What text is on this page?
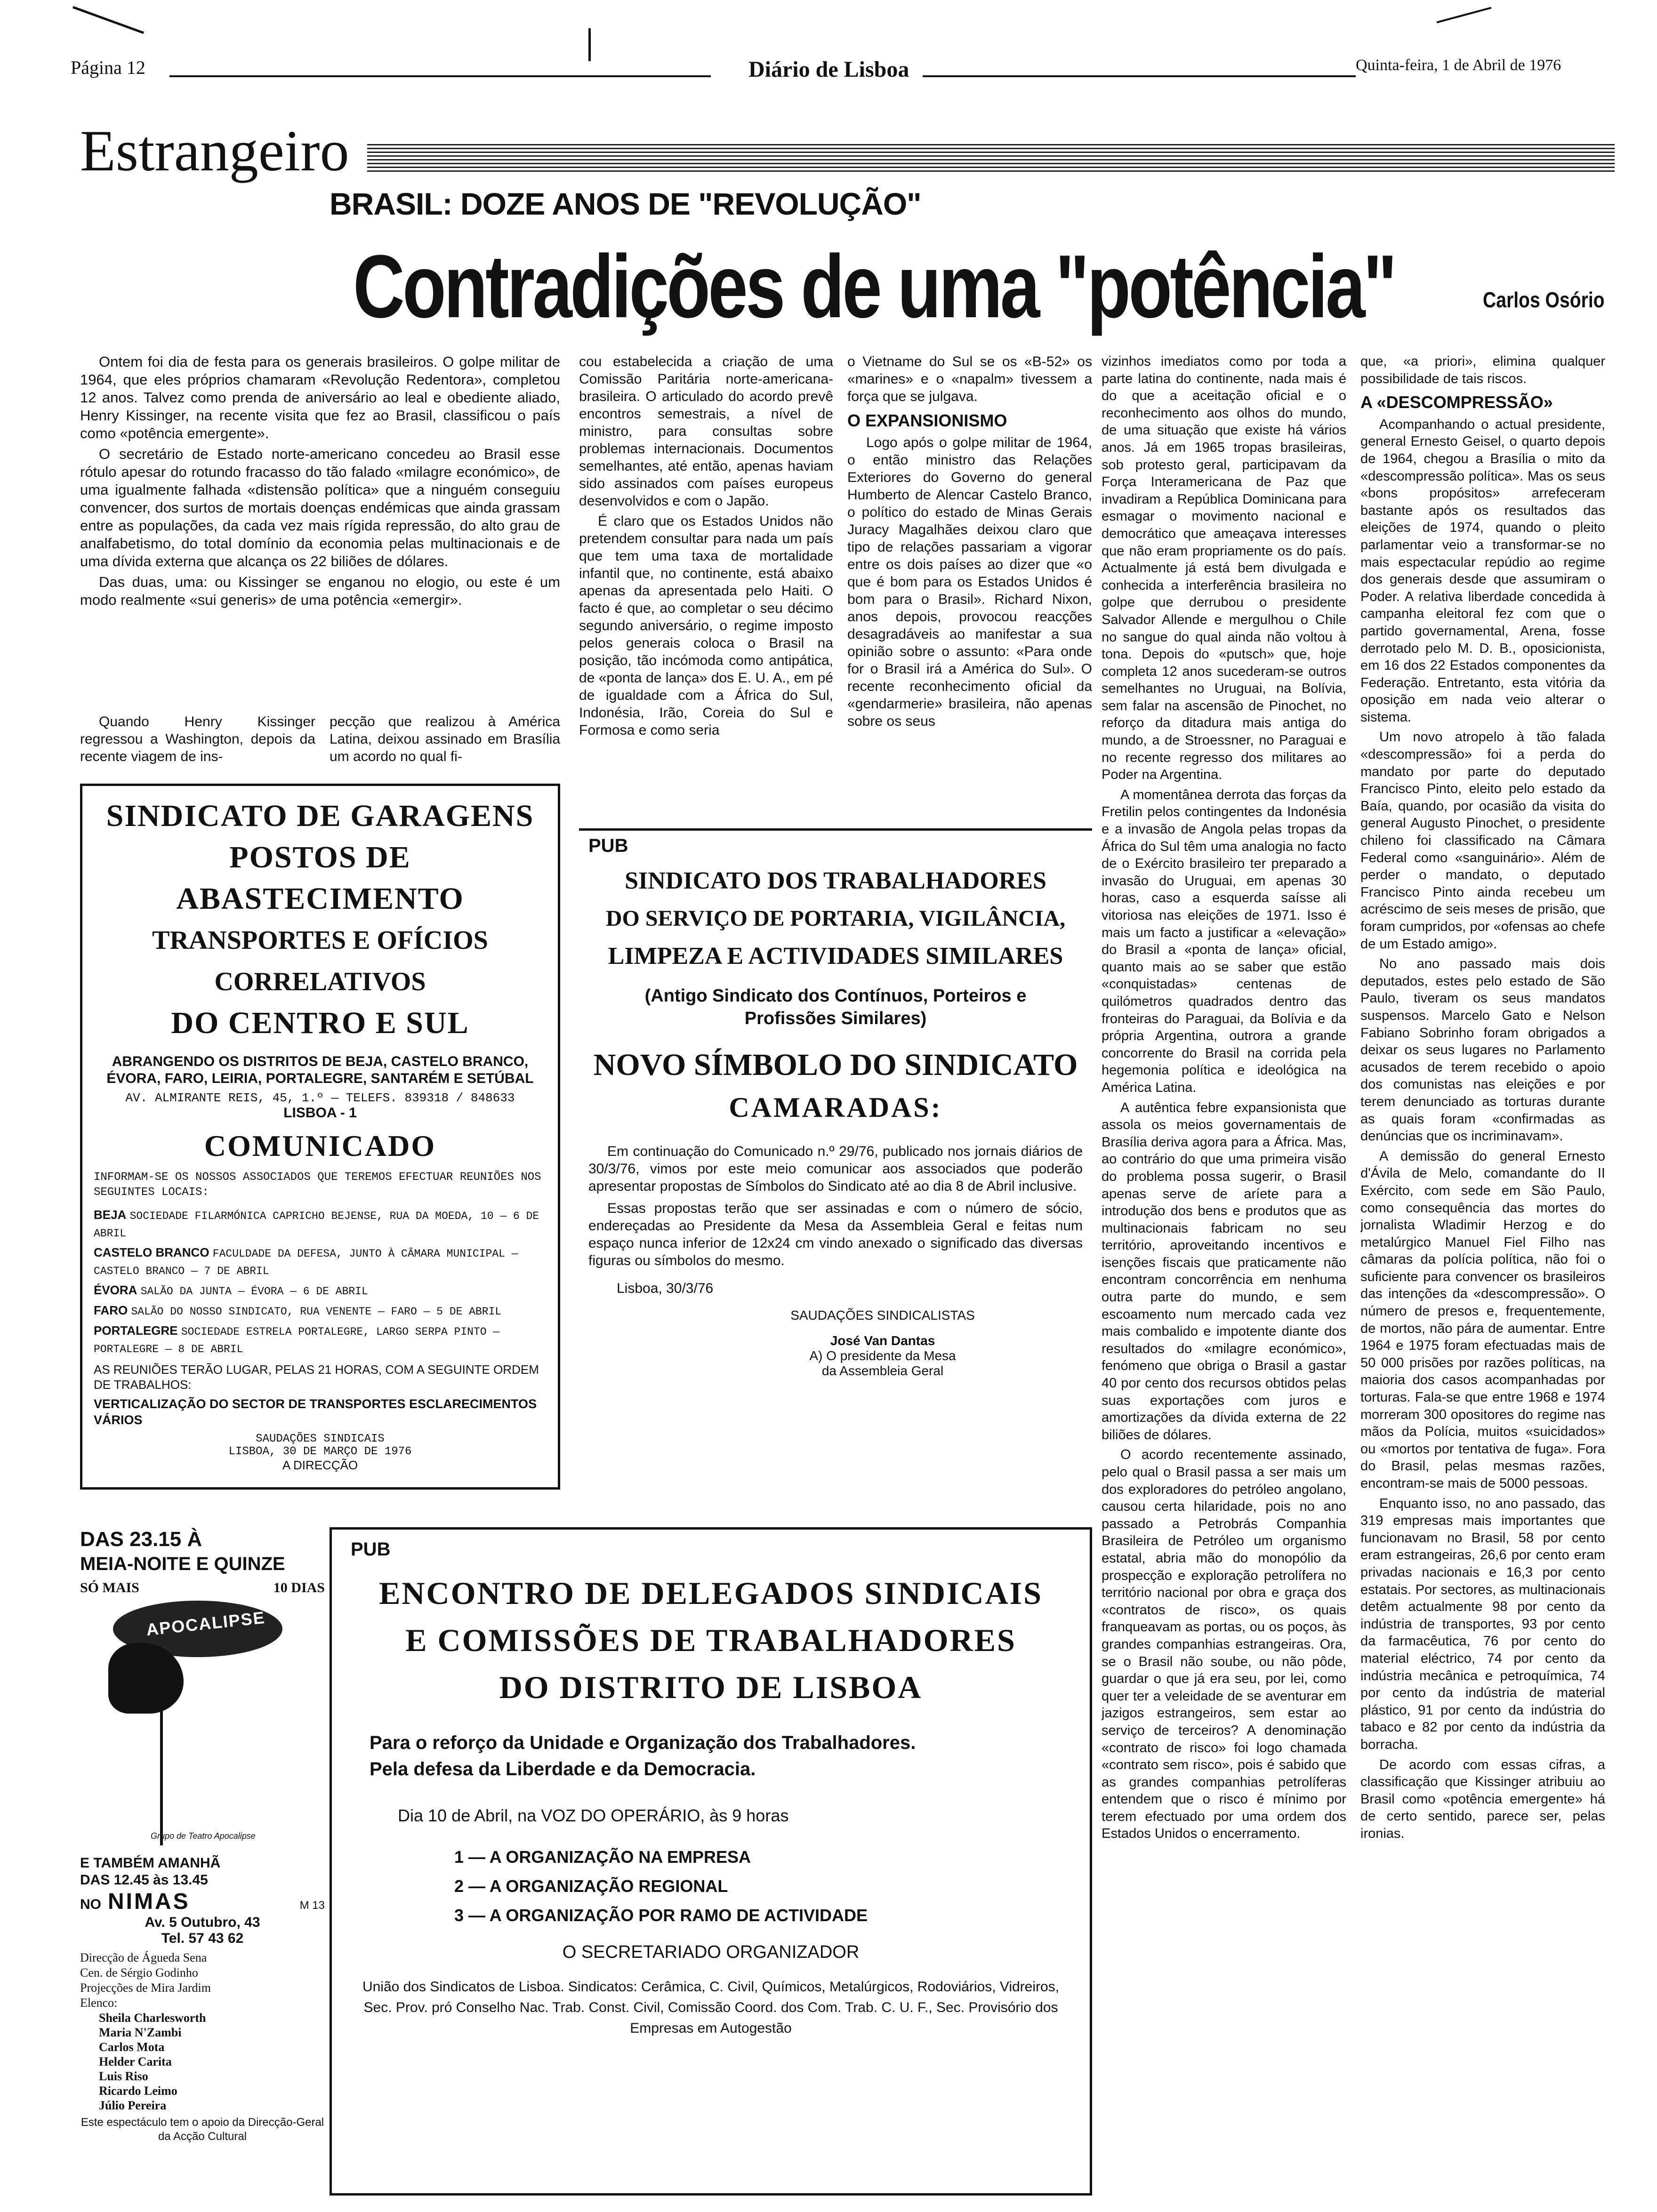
Página 12	Diário de Lisboa	Quinta-feira, 1 de Abril de 1976
Estrangeiro
BRASIL: DOZE ANOS DE "REVOLUÇÃO"
Contradições de uma "potência"	Carlos Osório

Ontem foi dia de festa para os generais brasileiros. O golpe militar de 1964, que eles próprios chamaram «Revolução Redentora», completou 12 anos. Talvez como prenda de aniversário ao leal e obediente aliado, Henry Kissinger, na recente visita que fez ao Brasil, classificou o país como «potência emergente».

O secretário de Estado norte-americano concedeu ao Brasil esse rótulo apesar do rotundo fracasso do tão falado «milagre económico», de uma igualmente falhada «distensão política» que a ninguém conseguiu convencer, dos surtos de mortais doenças endémicas que ainda grassam entre as populações, da cada vez mais rígida repressão, do alto grau de analfabetismo, do total domínio da economia pelas multinacionais e de uma dívida externa que alcança os 22 biliões de dólares.

Das duas, uma: ou Kissinger se enganou no elogio, ou este é um modo realmente «sui generis» de uma potência «emergir».

Quando Henry Kissinger regressou a Washington, depois da recente viagem de ins-

pecção que realizou à América Latina, deixou assinado em Brasília um acordo no qual fi-

cou estabelecida a criação de uma Comissão Paritária norte-americana-brasileira. O articulado do acordo prevê encontros semestrais, a nível de ministro, para consultas sobre problemas internacionais. Documentos semelhantes, até então, apenas haviam sido assinados com países europeus desenvolvidos e com o Japão.

É claro que os Estados Unidos não pretendem consultar para nada um país que tem uma taxa de mortalidade infantil que, no continente, está abaixo apenas da apresentada pelo Haiti. O facto é que, ao completar o seu décimo segundo aniversário, o regime imposto pelos generais coloca o Brasil na posição, tão incómoda como antipática, de «ponta de lança» dos E. U. A., em pé de igualdade com a África do Sul, Indonésia, Irão, Coreia do Sul e Formosa e como seria

o Vietname do Sul se os «B-52» os «marines» e o «napalm» tivessem a força que se julgava.

O EXPANSIONISMO

Logo após o golpe militar de 1964, o então ministro das Relações Exteriores do Governo do general Humberto de Alencar Castelo Branco, o político do estado de Minas Gerais Juracy Magalhães deixou claro que tipo de relações passariam a vigorar entre os dois países ao dizer que «o que é bom para os Estados Unidos é bom para o Brasil». Richard Nixon, anos depois, provocou reacções desagradáveis ao manifestar a sua opinião sobre o assunto: «Para onde for o Brasil irá a América do Sul». O recente reconhecimento oficial da «gendarmerie» brasileira, não apenas sobre os seus

vizinhos imediatos como por toda a parte latina do continente, nada mais é do que a aceitação oficial e o reconhecimento aos olhos do mundo, de uma situação que existe há vários anos. Já em 1965 tropas brasileiras, sob protesto geral, participavam da Força Interamericana de Paz que invadiram a República Dominicana para esmagar o movimento nacional e democrático que ameaçava interesses que não eram propriamente os do país. Actualmente já está bem divulgada e conhecida a interferência brasileira no golpe que derrubou o presidente Salvador Allende e mergulhou o Chile no sangue do qual ainda não voltou à tona. Depois do «putsch» que, hoje completa 12 anos sucederam-se outros semelhantes no Uruguai, na Bolívia, sem falar na ascensão de Pinochet, no reforço da ditadura mais antiga do mundo, a de Stroessner, no Paraguai e no recente regresso dos militares ao Poder na Argentina.

A momentânea derrota das forças da Fretilin pelos contingentes da Indonésia e a invasão de Angola pelas tropas da África do Sul têm uma analogia no facto de o Exército brasileiro ter preparado a invasão do Uruguai, em apenas 30 horas, caso a esquerda saísse ali vitoriosa nas eleições de 1971. Isso é mais um facto a justificar a «elevação» do Brasil a «ponta de lança» oficial, quanto mais ao se saber que estão «conquistadas» centenas de quilómetros quadrados dentro das fronteiras do Paraguai, da Bolívia e da própria Argentina, outrora a grande concorrente do Brasil na corrida pela hegemonia política e ideológica na América Latina.

A autêntica febre expansionista que assola os meios governamentais de Brasília deriva agora para a África. Mas, ao contrário do que uma primeira visão do problema possa sugerir, o Brasil apenas serve de aríete para a introdução dos bens e produtos que as multinacionais fabricam no seu território, aproveitando incentivos e isenções fiscais que praticamente não encontram concorrência em nenhuma outra parte do mundo, e sem escoamento num mercado cada vez mais combalido e impotente diante dos resultados do «milagre económico», fenómeno que obriga o Brasil a gastar 40 por cento dos recursos obtidos pelas suas exportações com juros e amortizações da dívida externa de 22 biliões de dólares.

O acordo recentemente assinado, pelo qual o Brasil passa a ser mais um dos exploradores do petróleo angolano, causou certa hilaridade, pois no ano passado a Petrobrás Companhia Brasileira de Petróleo um organismo estatal, abria mão do monopólio da prospecção e exploração petrolífera no território nacional por obra e graça dos «contratos de risco», os quais franqueavam as portas, ou os poços, às grandes companhias estrangeiras. Ora, se o Brasil não soube, ou não pôde, guardar o que já era seu, por lei, como quer ter a veleidade de se aventurar em jazigos estrangeiros, sem estar ao serviço de terceiros? A denominação «contrato de risco» foi logo chamada «contrato sem risco», pois é sabido que as grandes companhias petrolíferas entendem que o risco é mínimo por terem efectuado por uma ordem dos Estados Unidos o encerramento.

que, «a priori», elimina qualquer possibilidade de tais riscos.

A «DESCOMPRESSÃO»

Acompanhando o actual presidente, general Ernesto Geisel, o quarto depois de 1964, chegou a Brasília o mito da «descompressão política». Mas os seus «bons propósitos» arrefeceram bastante após os resultados das eleições de 1974, quando o pleito parlamentar veio a transformar-se no mais espectacular repúdio ao regime dos generais desde que assumiram o Poder. A relativa liberdade concedida à campanha eleitoral fez com que o partido governamental, Arena, fosse derrotado pelo M. D. B., oposicionista, em 16 dos 22 Estados componentes da Federação. Entretanto, esta vitória da oposição em nada veio alterar o sistema.

Um novo atropelo à tão falada «descompressão» foi a perda do mandato por parte do deputado Francisco Pinto, eleito pelo estado da Baía, quando, por ocasião da visita do general Augusto Pinochet, o presidente chileno foi classificado na Câmara Federal como «sanguinário». Além de perder o mandato, o deputado Francisco Pinto ainda recebeu um acréscimo de seis meses de prisão, que foram cumpridos, por «ofensas ao chefe de um Estado amigo».

No ano passado mais dois deputados, estes pelo estado de São Paulo, tiveram os seus mandatos suspensos. Marcelo Gato e Nelson Fabiano Sobrinho foram obrigados a deixar os seus lugares no Parlamento acusados de terem recebido o apoio dos comunistas nas eleições e por terem denunciado as torturas durante as quais foram «confirmadas as denúncias que os incriminavam».

A demissão do general Ernesto d'Ávila de Melo, comandante do II Exército, com sede em São Paulo, como consequência das mortes do jornalista Wladimir Herzog e do metalúrgico Manuel Fiel Filho nas câmaras da polícia política, não foi o suficiente para convencer os brasileiros das intenções da «descompressão». O número de presos e, frequentemente, de mortos, não pára de aumentar. Entre 1964 e 1975 foram efectuadas mais de 50 000 prisões por razões políticas, na maioria dos casos acompanhadas por torturas. Fala-se que entre 1968 e 1974 morreram 300 opositores do regime nas mãos da Polícia, muitos «suicidados» ou «mortos por tentativa de fuga». Fora do Brasil, pelas mesmas razões, encontram-se mais de 5000 pessoas.

Enquanto isso, no ano passado, das 319 empresas mais importantes que funcionavam no Brasil, 58 por cento eram estrangeiras, 26,6 por cento eram privadas nacionais e 16,3 por cento estatais. Por sectores, as multinacionais detêm actualmente 98 por cento da indústria de transportes, 93 por cento da farmacêutica, 76 por cento do material eléctrico, 74 por cento da indústria mecânica e petroquímica, 74 por cento da indústria de material plástico, 91 por cento da indústria do tabaco e 82 por cento da indústria da borracha.

De acordo com essas cifras, a classificação que Kissinger atribuiu ao Brasil como «potência emergente» há de certo sentido, parece ser, pelas ironias.

SINDICATO DE GARAGENS
POSTOS DE ABASTECIMENTO
TRANSPORTES E OFÍCIOS CORRELATIVOS
DO CENTRO E SUL
ABRANGENDO OS DISTRITOS DE BEJA, CASTELO BRANCO, ÉVORA, FARO, LEIRIA, PORTALEGRE, SANTARÉM E SETÚBAL
AV. ALMIRANTE REIS, 45, 1.º — TELEFS. 839318 / 848633
LISBOA - 1
COMUNICADO
INFORMAM-SE OS NOSSOS ASSOCIADOS QUE TEREMOS EFECTUAR REUNIÕES NOS SEGUINTES LOCAIS:
BEJA SOCIEDADE FILARMÓNICA CAPRICHO BEJENSE, RUA DA MOEDA, 10 — 6 DE ABRIL
CASTELO BRANCO FACULDADE DA DEFESA, JUNTO À CÂMARA MUNICIPAL — CASTELO BRANCO — 7 DE ABRIL
ÉVORA SALÃO DA JUNTA — ÉVORA — 6 DE ABRIL
FARO SALÃO DO NOSSO SINDICATO, RUA VENENTE — FARO — 5 DE ABRIL
PORTALEGRE SOCIEDADE ESTRELA PORTALEGRE, LARGO SERPA PINTO — PORTALEGRE — 8 DE ABRIL
AS REUNIÕES TERÃO LUGAR, PELAS 21 HORAS, COM A SEGUINTE ORDEM DE TRABALHOS:
VERTICALIZAÇÃO DO SECTOR DE TRANSPORTES ESCLARECIMENTOS VÁRIOS
SAUDAÇÕES SINDICAIS
LISBOA, 30 DE MARÇO DE 1976
A DIRECÇÃO
PUB
SINDICATO DOS TRABALHADORES
DO SERVIÇO DE PORTARIA, VIGILÂNCIA,
LIMPEZA E ACTIVIDADES SIMILARES
(Antigo Sindicato dos Contínuos, Porteiros e Profissões Similares)
NOVO SÍMBOLO DO SINDICATO
CAMARADAS:
Em continuação do Comunicado n.º 29/76, publicado nos jornais diários de 30/3/76, vimos por este meio comunicar aos associados que poderão apresentar propostas de Símbolos do Sindicato até ao dia 8 de Abril inclusive.
Essas propostas terão que ser assinadas e com o número de sócio, endereçadas ao Presidente da Mesa da Assembleia Geral e feitas num espaço nunca inferior de 12x24 cm vindo anexado o significado das diversas figuras ou símbolos do mesmo.
Lisboa, 30/3/76
SAUDAÇÕES SINDICALISTAS
José Van Dantas
A) O presidente da Mesa
da Assembleia Geral
DAS 23.15 À
MEIA-NOITE E QUINZE
SÓ MAIS	10 DIAS
APOCALIPSE
Grupo de Teatro Apocalipse
E TAMBÉM AMANHÃ
DAS 12.45 às 13.45
NO NIMAS	M 13
Av. 5 Outubro, 43
Tel. 57 43 62
Direcção de Águeda Sena
Cen. de Sérgio Godinho
Projecções de Mira Jardim
Elenco:
Sheila Charlesworth
Maria N'Zambi
Carlos Mota
Helder Carita
Luis Riso
Ricardo Leimo
Júlio Pereira
Este espectáculo tem o apoio da Direcção-Geral da Acção Cultural
PUB
ENCONTRO DE DELEGADOS SINDICAIS
E COMISSÕES DE TRABALHADORES
DO DISTRITO DE LISBOA
Para o reforço da Unidade e Organização dos Trabalhadores.
Pela defesa da Liberdade e da Democracia.
Dia 10 de Abril, na VOZ DO OPERÁRIO, às 9 horas
1 — A ORGANIZAÇÃO NA EMPRESA
2 — A ORGANIZAÇÃO REGIONAL
3 — A ORGANIZAÇÃO POR RAMO DE ACTIVIDADE
O SECRETARIADO ORGANIZADOR
União dos Sindicatos de Lisboa. Sindicatos: Cerâmica, C. Civil, Químicos, Metalúrgicos, Rodoviários, Vidreiros, Sec. Prov. pró Conselho Nac. Trab. Const. Civil, Comissão Coord. dos Com. Trab. C. U. F., Sec. Provisório dos Empresas em Autogestão
